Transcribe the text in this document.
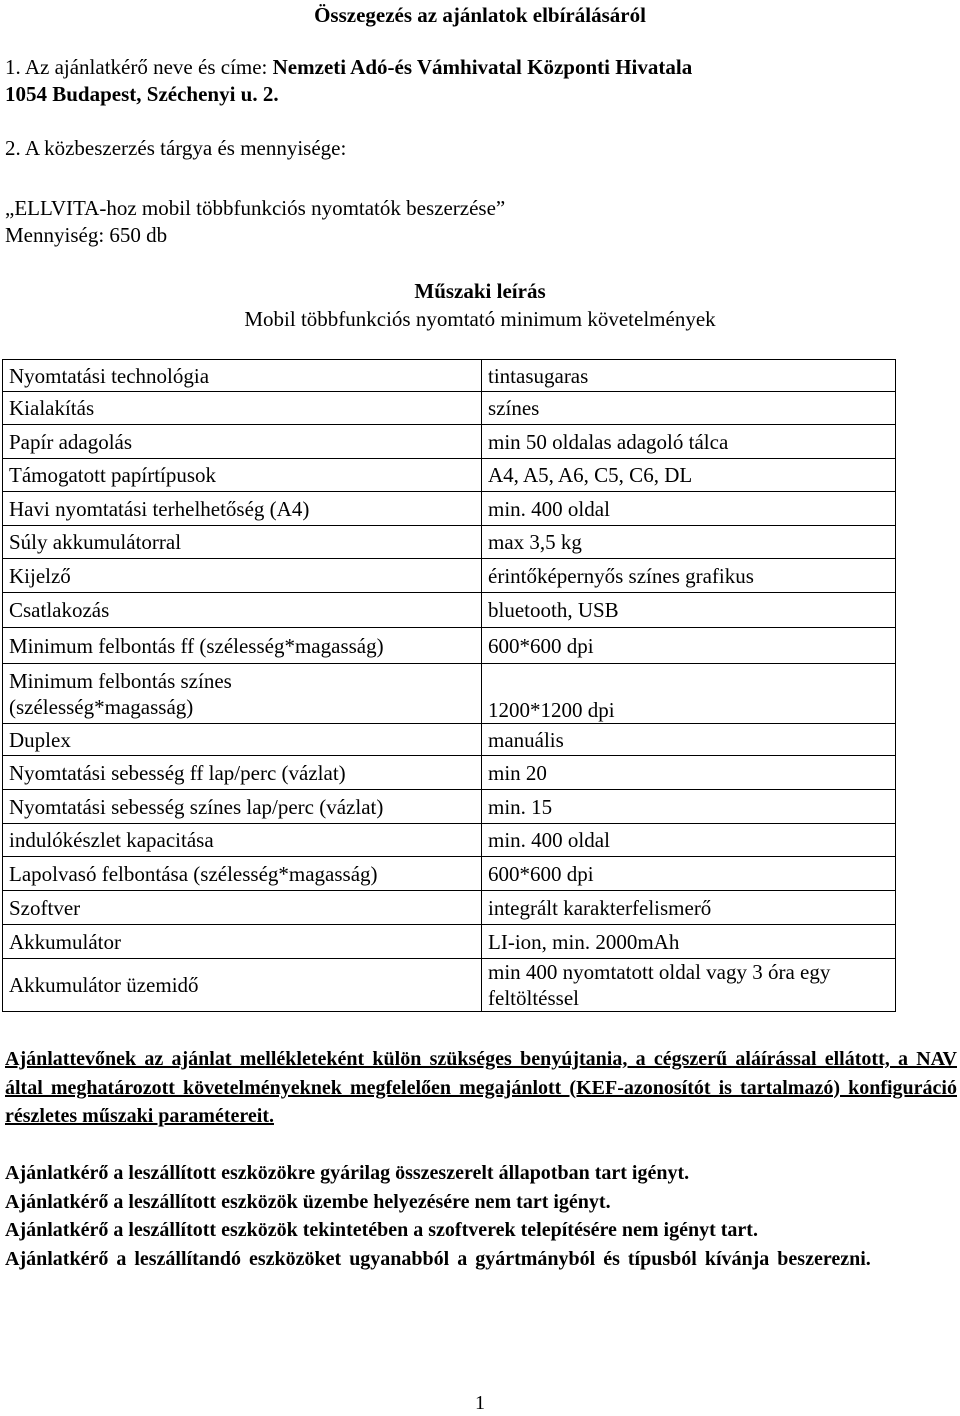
Összegezés az ajánlatok elbírálásáról
1. Az ajánlatkérő neve és címe: Nemzeti Adó-és Vámhivatal Központi Hivatala
1054 Budapest, Széchenyi u. 2.
2. A közbeszerzés tárgya és mennyisége:
„ELLVITA-hoz mobil többfunkciós nyomtatók beszerzése”
Mennyiség: 650 db
Műszaki leírás
Mobil többfunkciós nyomtató minimum követelmények
Nyomtatási technológia	tintasugaras
Kialakítás	színes
Papír adagolás	min 50 oldalas adagoló tálca
Támogatott papírtípusok	A4, A5, A6, C5, C6, DL
Havi nyomtatási terhelhetőség (A4)	min. 400 oldal
Súly akkumulátorral	max 3,5 kg
Kijelző	érintőképernyős színes grafikus
Csatlakozás	bluetooth, USB
Minimum felbontás ff (szélesség*magasság)	600*600 dpi
Minimum felbontás színes (szélesség*magasság)	1200*1200 dpi
Duplex	manuális
Nyomtatási sebesség ff lap/perc (vázlat)	min 20
Nyomtatási sebesség színes lap/perc (vázlat)	min. 15
indulókészlet kapacitása	min. 400 oldal
Lapolvasó felbontása (szélesség*magasság)	600*600 dpi
Szoftver	integrált karakterfelismerő
Akkumulátor	LI-ion, min. 2000mAh
Akkumulátor üzemidő	min 400 nyomtatott oldal vagy 3 óra egy feltöltéssel
Ajánlattevőnek az ajánlat mellékleteként külön szükséges benyújtania, a cégszerű aláírással ellátott, a NAV által meghatározott követelményeknek megfelelően megajánlott (KEF-azonosítót is tartalmazó) konfiguráció részletes műszaki paramétereit.
Ajánlatkérő a leszállított eszközökre gyárilag összeszerelt állapotban tart igényt.
Ajánlatkérő a leszállított eszközök üzembe helyezésére nem tart igényt.
Ajánlatkérő a leszállított eszközök tekintetében a szoftverek telepítésére nem igényt tart.
Ajánlatkérő a leszállítandó eszközöket ugyanabból a gyártmányból és típusból kívánja beszerezni.
1
